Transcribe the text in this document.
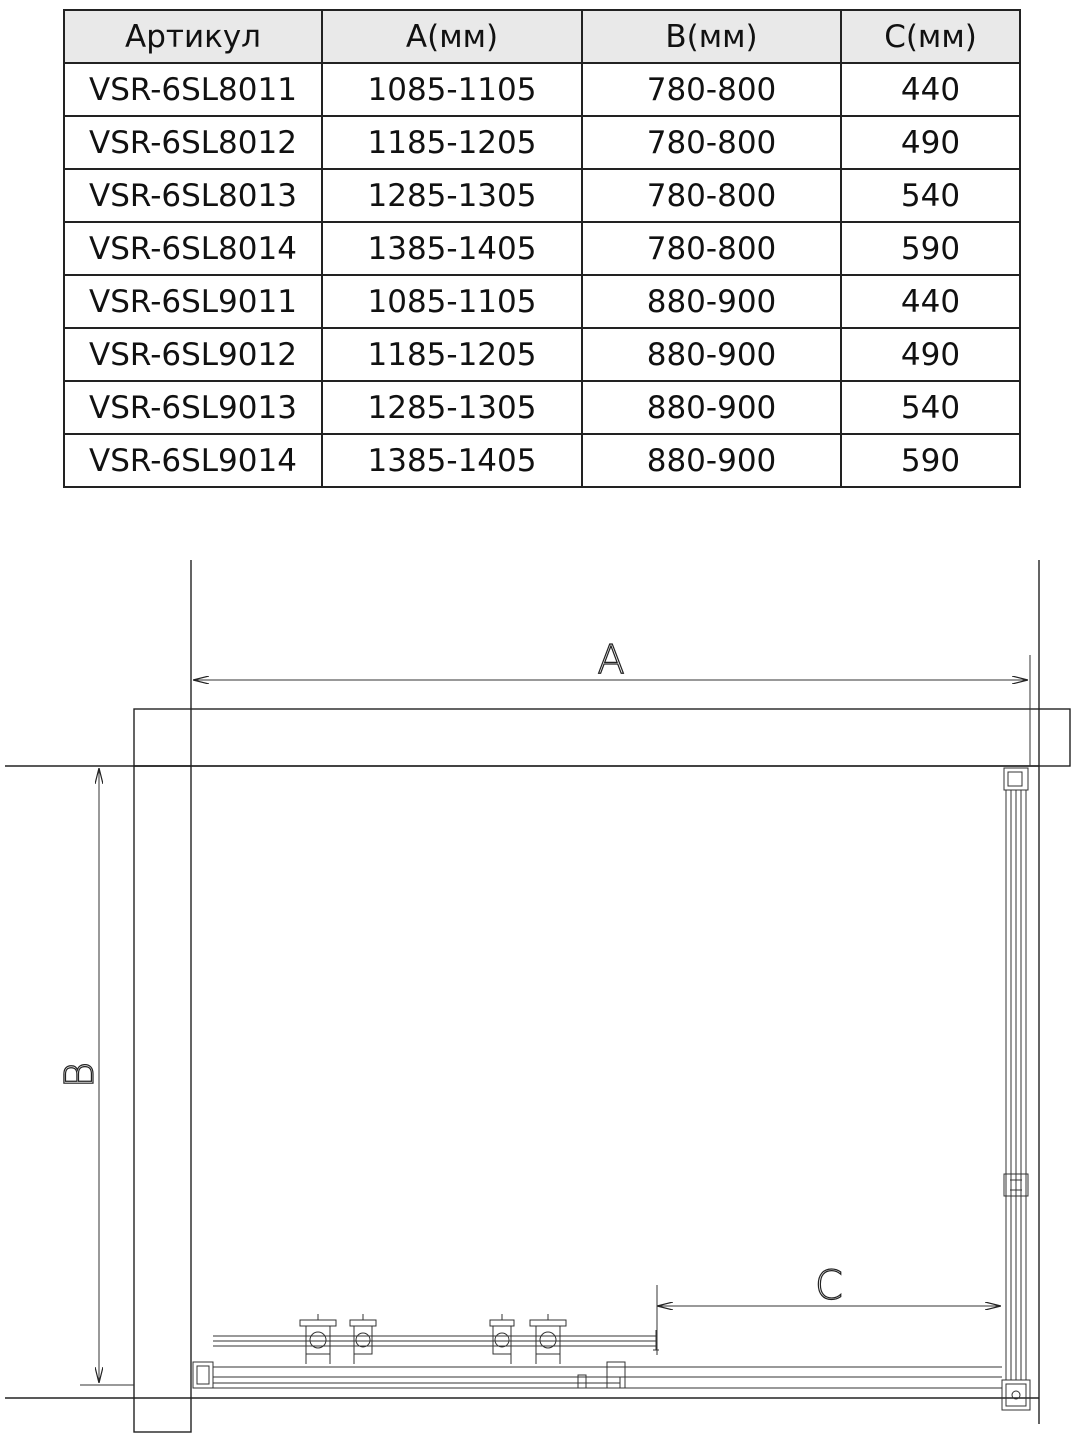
Артикул	А(мм)	В(мм)	С(мм)
VSR-6SL8011	1085-1105	780-800	440
VSR-6SL8012	1185-1205	780-800	490
VSR-6SL8013	1285-1305	780-800	540
VSR-6SL8014	1385-1405	780-800	590
VSR-6SL9011	1085-1105	880-900	440
VSR-6SL9012	1185-1205	880-900	490
VSR-6SL9013	1285-1305	880-900	540
VSR-6SL9014	1385-1405	880-900	590
A
B
C
